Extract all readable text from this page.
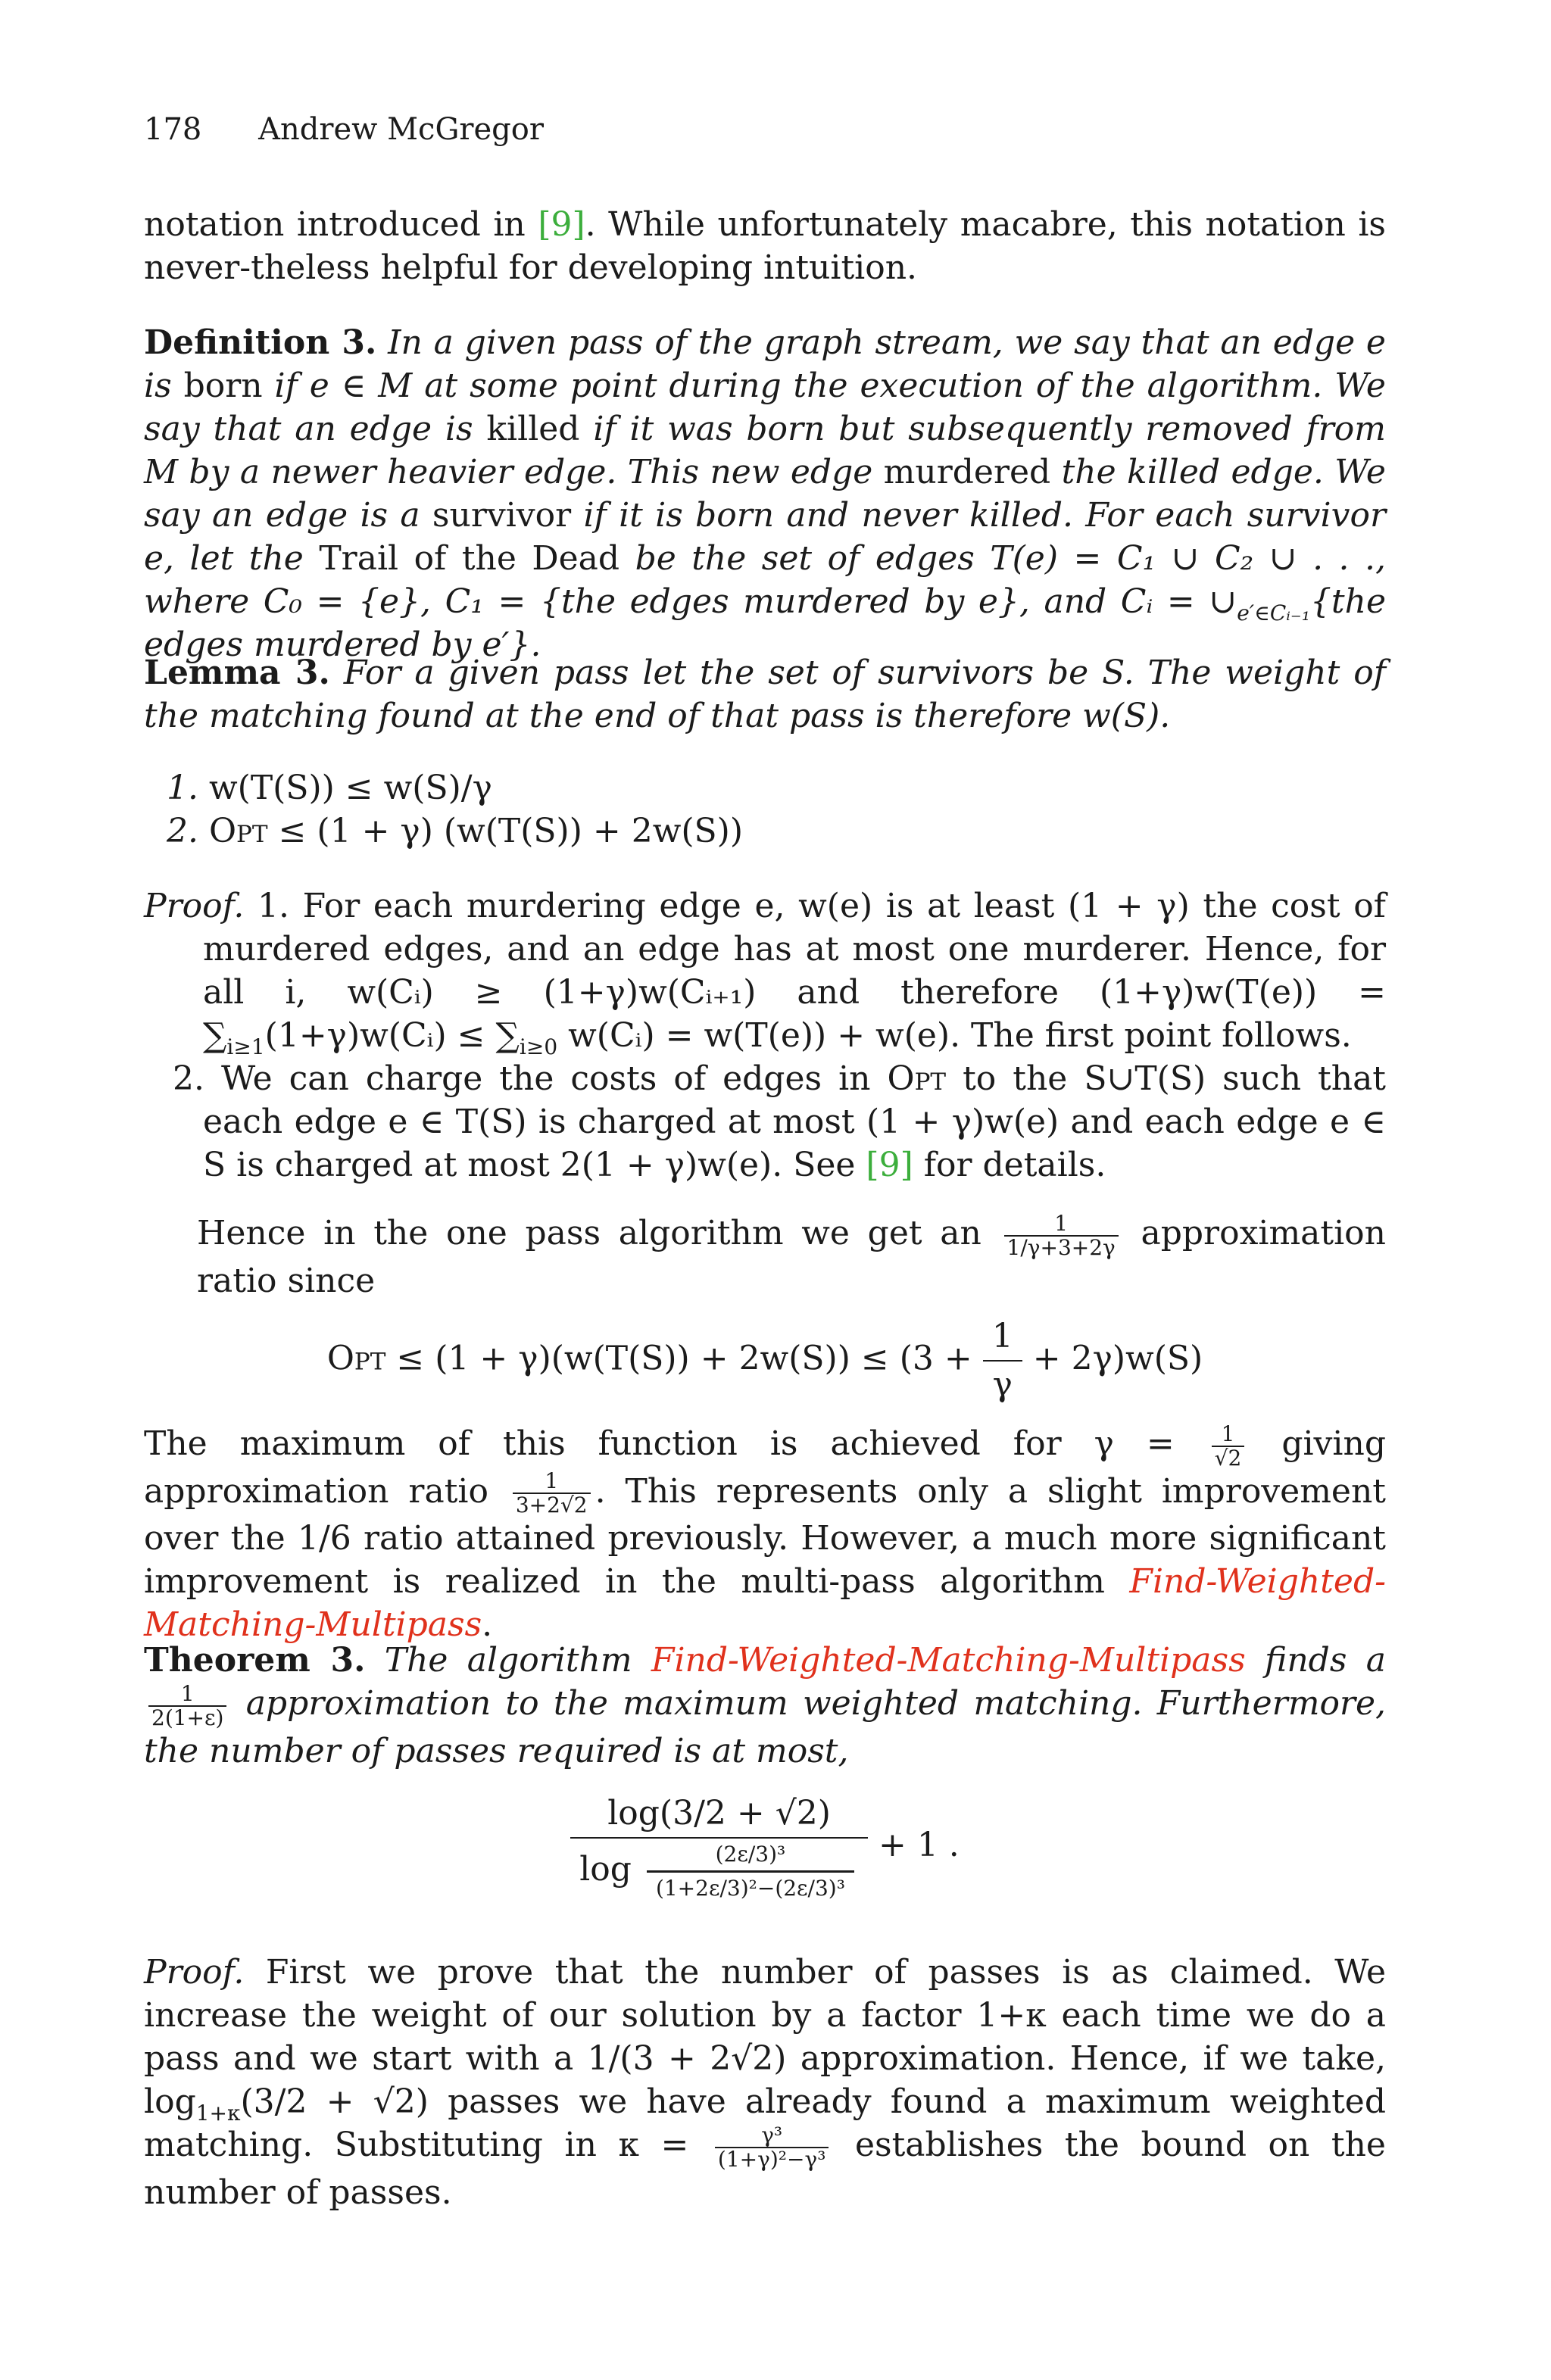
178 Andrew McGregor

notation introduced in [9]. While unfortunately macabre, this notation is never-theless helpful for developing intuition.

Definition 3. In a given pass of the graph stream, we say that an edge e is born if e ∈ M at some point during the execution of the algorithm. We say that an edge is killed if it was born but subsequently removed from M by a newer heavier edge. This new edge murdered the killed edge. We say an edge is a survivor if it is born and never killed. For each survivor e, let the Trail of the Dead be the set of edges T(e) = C₁ ∪ C₂ ∪ . . ., where C₀ = {e}, C₁ = {the edges murdered by e}, and Cᵢ = $\cup_{e'\in Cᵢ_{-1}}\{the$ edges murdered by e′}.

Lemma 3. For a given pass let the set of survivors be S. The weight of the matching found at the end of that pass is therefore w(S).

1. w(T(S)) ≤ w(S)/γ
2. Opt ≤ (1 + γ) (w(T(S)) + 2w(S))

Proof. 1. For each murdering edge e, w(e) is at least (1 + γ) the cost of murdered edges, and an edge has at most one murderer. Hence, for all i, w(Cᵢ) ≥ (1+γ)w(Cᵢ₊₁) and therefore $(1+\gamma)w(T(e)) = \sum_{i\ge 1}(1+\gamma)w(Cᵢ) \le \sum_{i\ge 0}$ w(Cᵢ) = w(T(e)) + w(e). The first point follows.

2. We can charge the costs of edges in Opt to the S∪T(S) such that each edge e ∈ T(S) is charged at most (1 + γ)w(e) and each edge e ∈ S is charged at most 2(1 + γ)w(e). See [9] for details.

Hence in the one pass algorithm we get an $\frac{1}{1/\gamma+3+2\gamma}$ approximation ratio since

Opt ≤ $(1 + \gamma)(w(T(S)) + 2w(S)) \le (3 + \frac{1}{\gamma} + 2\gamma)w(S)$

The maximum of this function is achieved for $\gamma = \frac{1}{√2}$ giving approximation ratio $\frac{1}{3+2√2}$ . This represents only a slight improvement over the 1/6 ratio attained previously. However, a much more significant improvement is realized in the multi-pass algorithm Find-Weighted-Matching-Multipass.

Theorem 3. The algorithm Find-Weighted-Matching-Multipass finds a
$\frac{1}{2(1+\varepsilon)}$ approximation to the maximum weighted matching. Furthermore, the number of passes required is at most,

$\frac{\log(3/2 + √2)}{\log \frac{\text{(2ε/3)³}}{\text{(1+2ε/3)²−(2ε/3)³}}} + 1$ .

Proof. First we prove that the number of passes is as claimed. We increase the weight of our solution by a factor 1+κ each time we do a pass and we start with a 1/(3 + 2√2) approximation. Hence, if we take, $\log_{1+\kappa}(3/2 + √2)$ passes we have already found a maximum weighted matching. Substituting in $\kappa = \frac{\text{γ³}}{\text{(1+γ)²−γ³}}$ establishes the bound on the number of passes.
